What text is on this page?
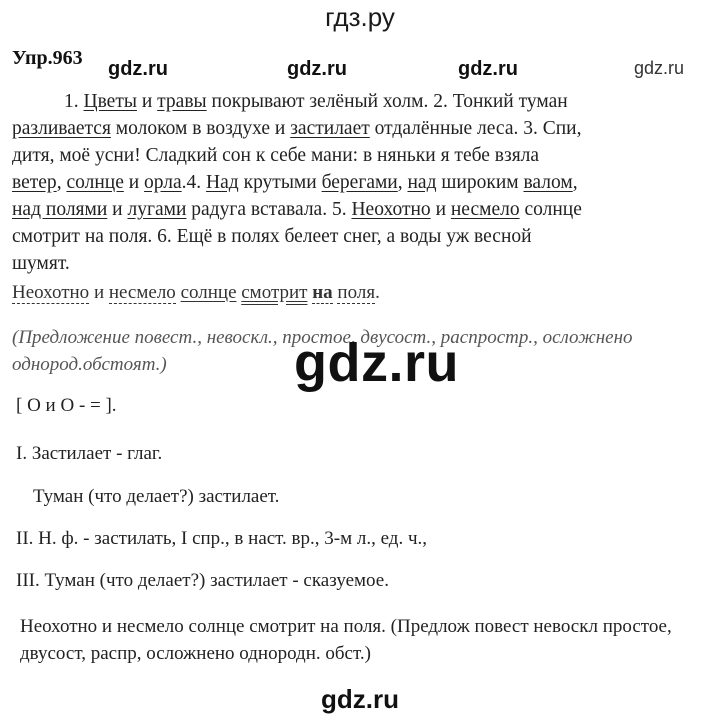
гдз.ру
Упр.963 gdz.ru	gdz.ru	gdz.ru	gdz.ru
1. Цветы и травы покрывают зелёный холм. 2. Тонкий туман
разливается молоком в воздухе и застилает отдалённые леса. 3. Спи,
дитя, моё усни! Сладкий сон к себе мани: в няньки я тебе взяла
ветер, солнце и орла.4. Над крутыми берегами, над широким валом,
над полями и лугами радуга вставала. 5. Неохотно и несмело солнце
смотрит на поля. 6. Ещё в полях белеет снег, а воды уж весной
шумят.
Неохотно и несмело солнце смотрит на поля.
(Предложение повест., невоскл., простое, двусост., распростр., осложнено однород.обстоят.)	gdz.ru
[ О и О - = ].
I. Застилает - глаг.
Туман (что делает?) застилает.
II. Н. ф. - застилать, I спр., в наст. вр., 3-м л., ед. ч.,
III. Туман (что делает?) застилает - сказуемое.
Неохотно и несмело солнце смотрит на поля. (Предлож повест невоскл простое, двусост, распр, осложнено однородн. обст.)
gdz.ru
